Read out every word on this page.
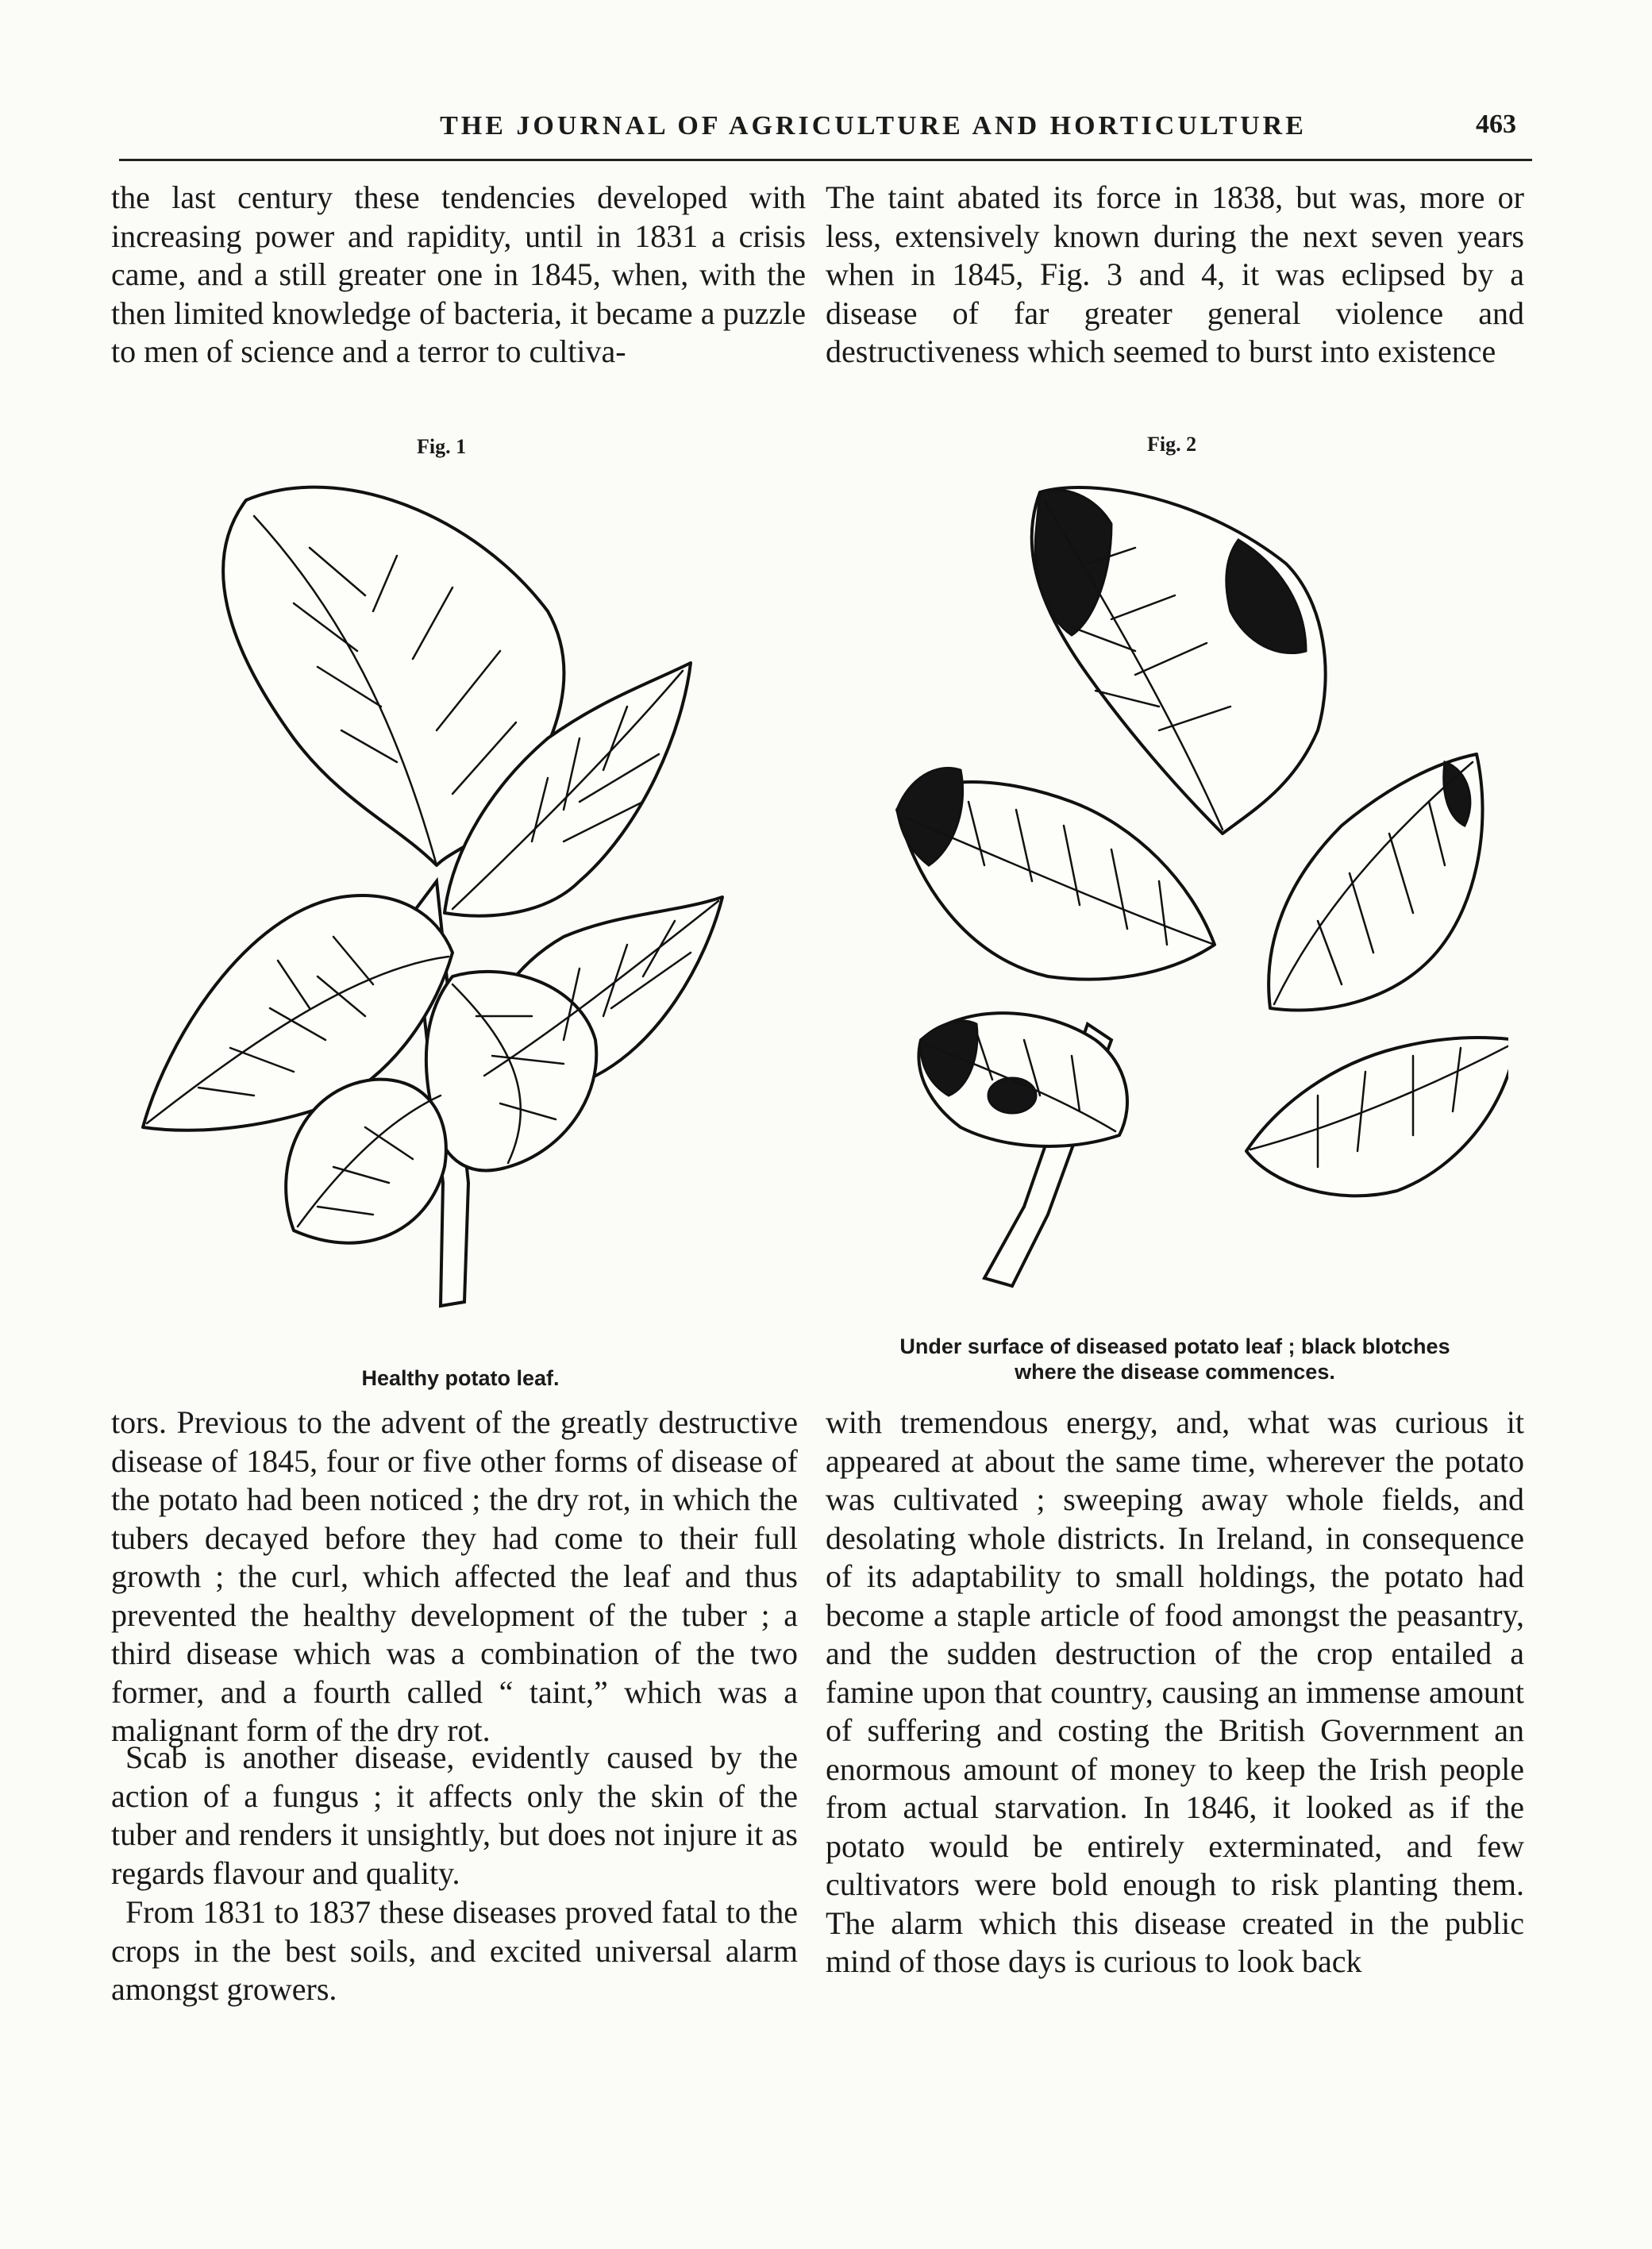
THE JOURNAL OF AGRICULTURE AND HORTICULTURE	463

the last century these tendencies developed with increasing power and rapidity, until in 1831 a crisis came, and a still greater one in 1845, when, with the then limited knowledge of bacteria, it became a puzzle to men of science and a terror to cultiva-

The taint abated its force in 1838, but was, more or less, extensively known during the next seven years when in 1845, Fig. 3 and 4, it was eclipsed by a disease of far greater general violence and destructiveness which seemed to burst into existence

Fig. 1	Fig. 2
Healthy potato leaf.
Under surface of diseased potato leaf ; black blotches
where the disease commences.

tors. Previous to the advent of the greatly destructive disease of 1845, four or five other forms of disease of the potato had been noticed ; the dry rot, in which the tubers decayed before they had come to their full growth ; the curl, which affected the leaf and thus prevented the healthy development of the tuber ; a third disease which was a combination of the two former, and a fourth called “ taint,” which was a malignant form of the dry rot.

Scab is another disease, evidently caused by the action of a fungus ; it affects only the skin of the tuber and renders it unsightly, but does not injure it as regards flavour and quality.

From 1831 to 1837 these diseases proved fatal to the crops in the best soils, and excited universal alarm amongst growers.

with tremendous energy, and, what was curious it appeared at about the same time, wherever the potato was cultivated ; sweeping away whole fields, and desolating whole districts. In Ireland, in consequence of its adaptability to small holdings, the potato had become a staple article of food amongst the peasantry, and the sudden destruction of the crop entailed a famine upon that country, causing an immense amount of suffering and costing the British Government an enormous amount of money to keep the Irish people from actual starvation. In 1846, it looked as if the potato would be entirely exterminated, and few cultivators were bold enough to risk planting them. The alarm which this disease created in the public mind of those days is curious to look back
